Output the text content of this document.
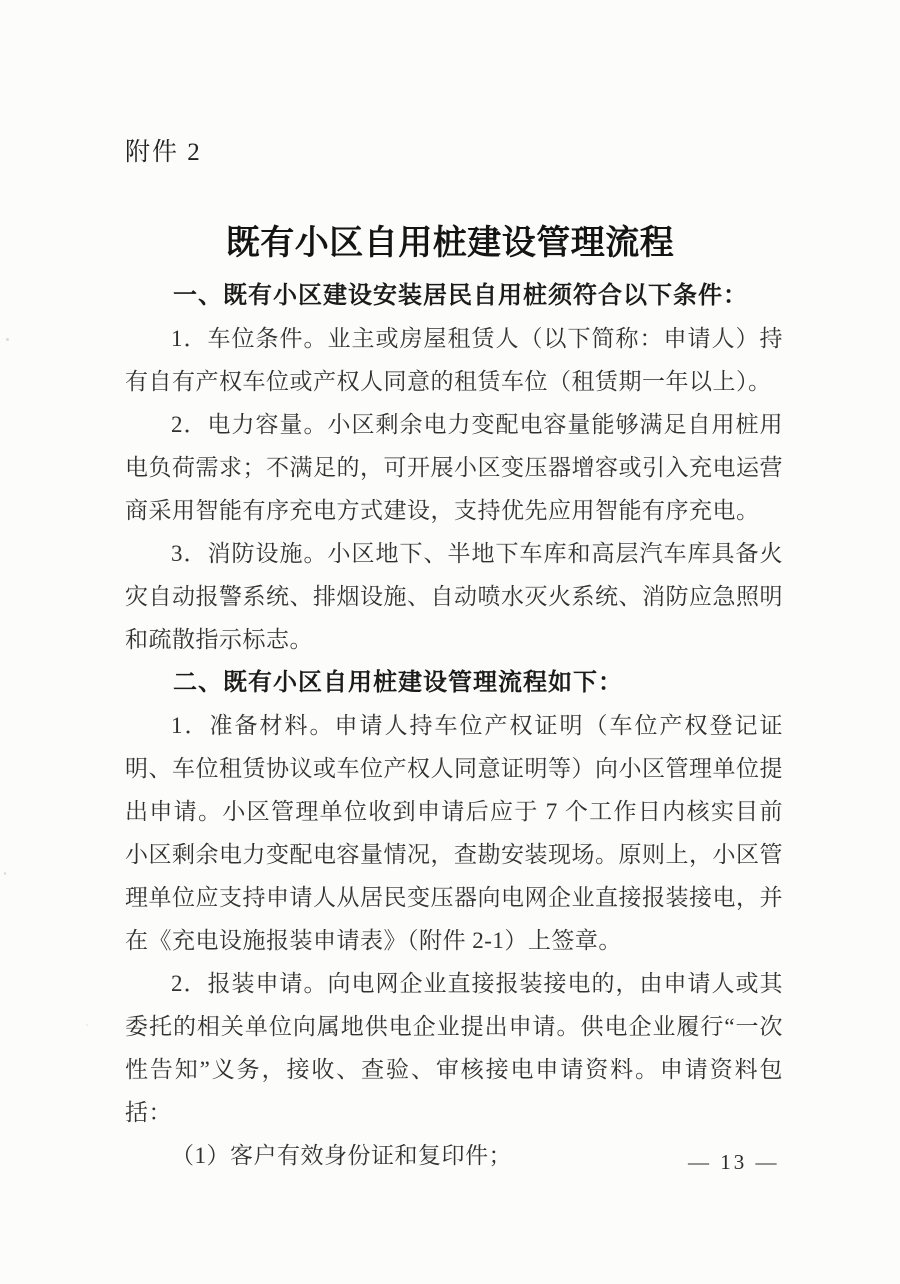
附件 2
既有小区自用桩建设管理流程

一、既有小区建设安装居民自用桩须符合以下条件：

1．车位条件。业主或房屋租赁人（以下简称：申请人）持有自有产权车位或产权人同意的租赁车位（租赁期一年以上）。

2．电力容量。小区剩余电力变配电容量能够满足自用桩用电负荷需求；不满足的，可开展小区变压器增容或引入充电运营商采用智能有序充电方式建设，支持优先应用智能有序充电。

3．消防设施。小区地下、半地下车库和高层汽车库具备火灾自动报警系统、排烟设施、自动喷水灭火系统、消防应急照明和疏散指示标志。

二、既有小区自用桩建设管理流程如下：

1．准备材料。申请人持车位产权证明（车位产权登记证明、车位租赁协议或车位产权人同意证明等）向小区管理单位提出申请。小区管理单位收到申请后应于 7 个工作日内核实目前小区剩余电力变配电容量情况，查勘安装现场。原则上，小区管理单位应支持申请人从居民变压器向电网企业直接报装接电，并在《充电设施报装申请表》（附件 2-1）上签章。

2．报装申请。向电网企业直接报装接电的，由申请人或其委托的相关单位向属地供电企业提出申请。供电企业履行“一次性告知”义务，接收、查验、审核接电申请资料。申请资料包括：

（1）客户有效身份证和复印件；	— 13 —
